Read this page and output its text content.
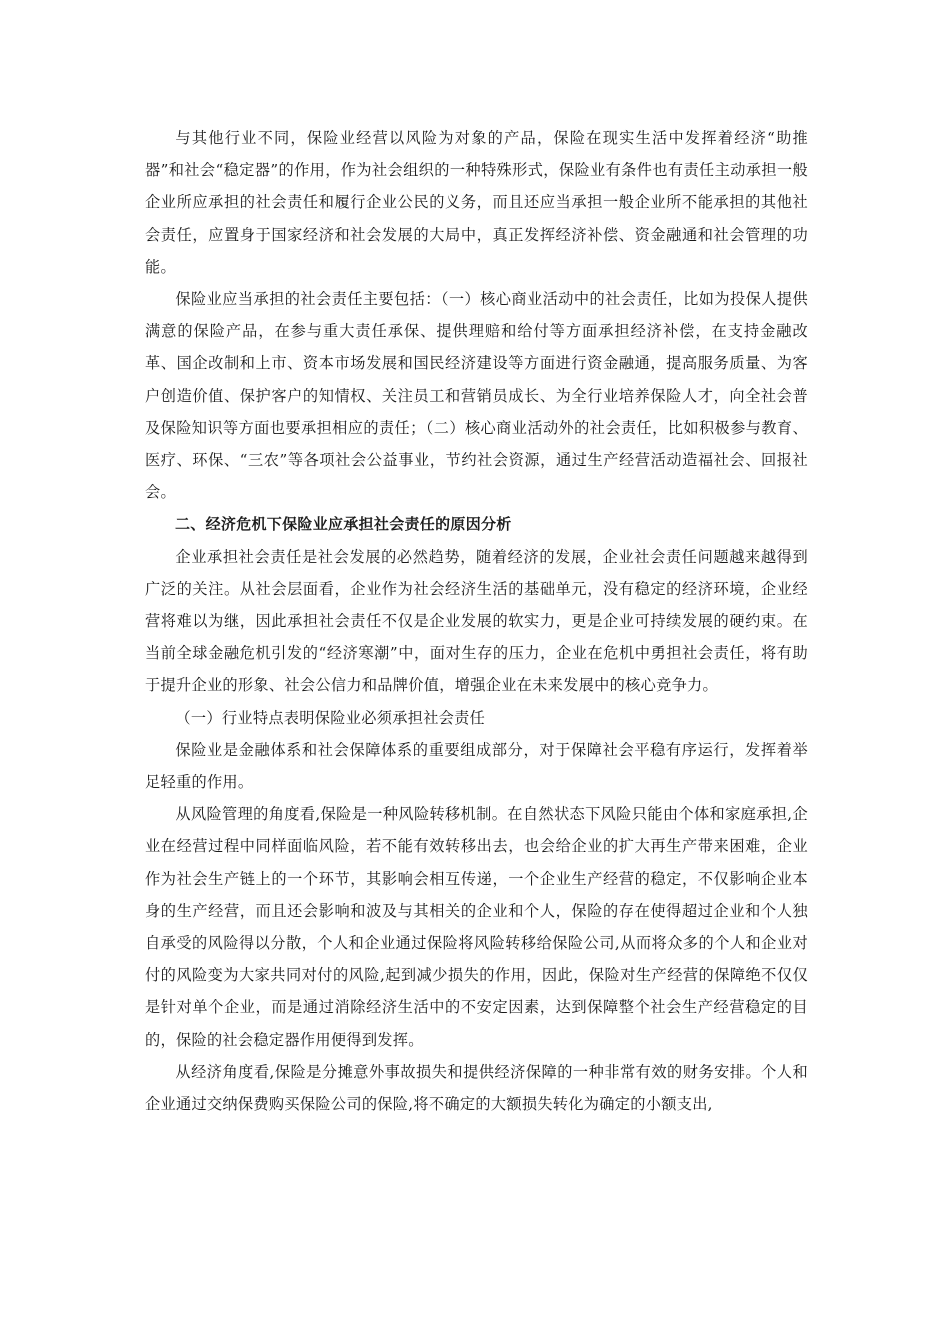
与其他行业不同，保险业经营以风险为对象的产品，保险在现实生活中发挥着经济“助推器”和社会“稳定器”的作用，作为社会组织的一种特殊形式，保险业有条件也有责任主动承担一般企业所应承担的社会责任和履行企业公民的义务，而且还应当承担一般企业所不能承担的其他社会责任，应置身于国家经济和社会发展的大局中，真正发挥经济补偿、资金融通和社会管理的功能。

保险业应当承担的社会责任主要包括：（一）核心商业活动中的社会责任，比如为投保人提供满意的保险产品，在参与重大责任承保、提供理赔和给付等方面承担经济补偿，在支持金融改革、国企改制和上市、资本市场发展和国民经济建设等方面进行资金融通，提高服务质量、为客户创造价值、保护客户的知情权、关注员工和营销员成长、为全行业培养保险人才，向全社会普及保险知识等方面也要承担相应的责任；（二）核心商业活动外的社会责任，比如积极参与教育、医疗、环保、“三农”等各项社会公益事业，节约社会资源，通过生产经营活动造福社会、回报社会。

二、经济危机下保险业应承担社会责任的原因分析

企业承担社会责任是社会发展的必然趋势，随着经济的发展，企业社会责任问题越来越得到广泛的关注。从社会层面看，企业作为社会经济生活的基础单元，没有稳定的经济环境，企业经营将难以为继，因此承担社会责任不仅是企业发展的软实力，更是企业可持续发展的硬约束。在当前全球金融危机引发的“经济寒潮”中，面对生存的压力，企业在危机中勇担社会责任，将有助于提升企业的形象、社会公信力和品牌价值，增强企业在未来发展中的核心竞争力。

（一）行业特点表明保险业必须承担社会责任

保险业是金融体系和社会保障体系的重要组成部分，对于保障社会平稳有序运行，发挥着举足轻重的作用。

从风险管理的角度看,保险是一种风险转移机制。在自然状态下风险只能由个体和家庭承担,企业在经营过程中同样面临风险，若不能有效转移出去，也会给企业的扩大再生产带来困难，企业作为社会生产链上的一个环节，其影响会相互传递，一个企业生产经营的稳定，不仅影响企业本身的生产经营，而且还会影响和波及与其相关的企业和个人，保险的存在使得超过企业和个人独自承受的风险得以分散，个人和企业通过保险将风险转移给保险公司,从而将众多的个人和企业对付的风险变为大家共同对付的风险,起到减少损失的作用，因此，保险对生产经营的保障绝不仅仅是针对单个企业，而是通过消除经济生活中的不安定因素，达到保障整个社会生产经营稳定的目的，保险的社会稳定器作用便得到发挥。

从经济角度看,保险是分摊意外事故损失和提供经济保障的一种非常有效的财务安排。个人和企业通过交纳保费购买保险公司的保险,将不确定的大额损失转化为确定的小额支出,
